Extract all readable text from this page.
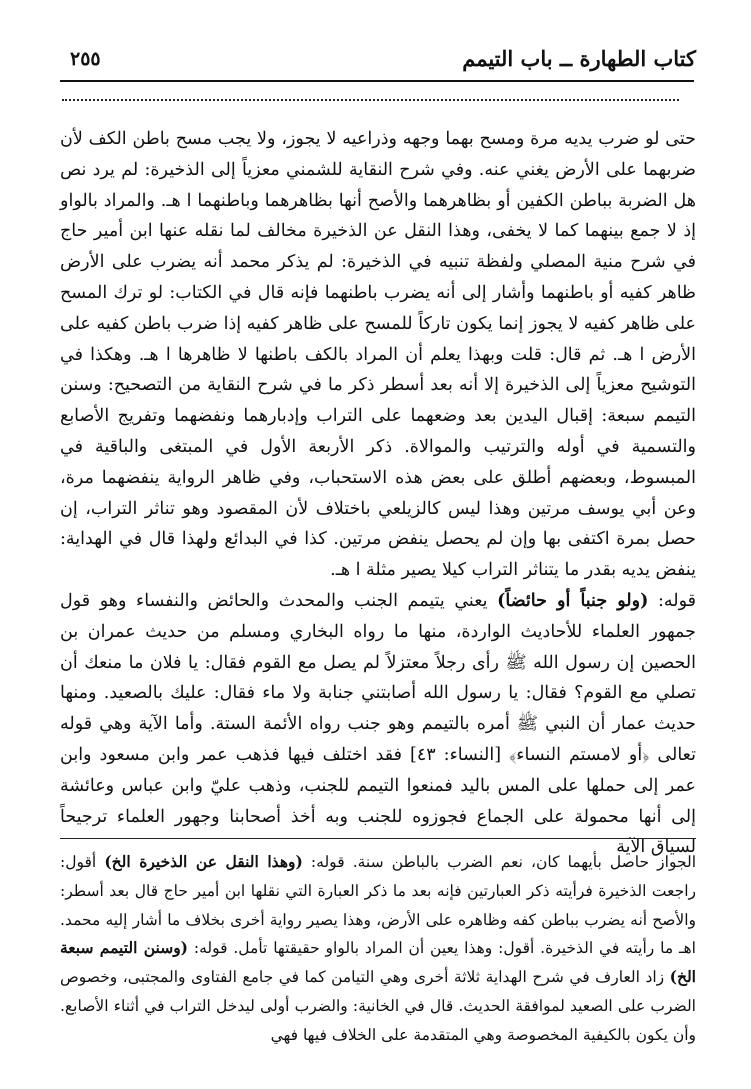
كتاب الطهارة ــ باب التيمم
٢٥٥

حتى لو ضرب يديه مرة ومسح بهما وجهه وذراعيه لا يجوز، ولا يجب مسح باطن الكف لأن ضربهما على الأرض يغني عنه. وفي شرح النقاية للشمني معزياً إلى الذخيرة: لم يرد نص هل الضربة بباطن الكفين أو بظاهرهما والأصح أنها بظاهرهما وباطنهما ا هـ. والمراد بالواو إذ لا جمع بينهما كما لا يخفى، وهذا النقل عن الذخيرة مخالف لما نقله عنها ابن أمير حاج في شرح منية المصلي ولفظة تنبيه في الذخيرة: لم يذكر محمد أنه يضرب على الأرض ظاهر كفيه أو باطنهما وأشار إلى أنه يضرب باطنهما فإنه قال في الكتاب: لو ترك المسح على ظاهر كفيه لا يجوز إنما يكون تاركاً للمسح على ظاهر كفيه إذا ضرب باطن كفيه على الأرض ا هـ. ثم قال: قلت وبهذا يعلم أن المراد بالكف باطنها لا ظاهرها ا هـ. وهكذا في التوشيح معزياً إلى الذخيرة إلا أنه بعد أسطر ذكر ما في شرح النقاية من التصحيح: وسنن التيمم سبعة: إقبال اليدين بعد وضعهما على التراب وإدبارهما ونفضهما وتفريج الأصابع والتسمية في أوله والترتيب والموالاة. ذكر الأربعة الأول في المبتغى والباقية في المبسوط، وبعضهم أطلق على بعض هذه الاستحباب، وفي ظاهر الرواية ينفضهما مرة، وعن أبي يوسف مرتين وهذا ليس كالزيلعي باختلاف لأن المقصود وهو تناثر التراب، إن حصل بمرة اكتفى بها وإن لم يحصل ينفض مرتين. كذا في البدائع ولهذا قال في الهداية: ينفض يديه بقدر ما يتناثر التراب كيلا يصير مثلة ا هـ.

قوله: (ولو جنباً أو حائضاً) يعني يتيمم الجنب والمحدث والحائض والنفساء وهو قول جمهور العلماء للأحاديث الواردة، منها ما رواه البخاري ومسلم من حديث عمران بن الحصين إن رسول الله ﷺ رأى رجلاً معتزلاً لم يصل مع القوم فقال: يا فلان ما منعك أن تصلي مع القوم؟ فقال: يا رسول الله أصابتني جنابة ولا ماء فقال: عليك بالصعيد. ومنها حديث عمار أن النبي ﷺ أمره بالتيمم وهو جنب رواه الأئمة الستة. وأما الآية وهي قوله تعالى ﴿أو لامستم النساء﴾ [النساء: ٤٣] فقد اختلف فيها فذهب عمر وابن مسعود وابن عمر إلى حملها على المس باليد فمنعوا التيمم للجنب، وذهب عليّ وابن عباس وعائشة إلى أنها محمولة على الجماع فجوزوه للجنب وبه أخذ أصحابنا وجهور العلماء ترجيحاً لسياق الآية

الجواز حاصل بأيهما كان، نعم الضرب بالباطن سنة. قوله: (وهذا النقل عن الذخيرة الخ) أقول: راجعت الذخيرة فرأيته ذكر العبارتين فإنه بعد ما ذكر العبارة التي نقلها ابن أمير حاج قال بعد أسطر: والأصح أنه يضرب بباطن كفه وظاهره على الأرض، وهذا يصير رواية أخرى بخلاف ما أشار إليه محمد. اهـ ما رأيته في الذخيرة. أقول: وهذا يعين أن المراد بالواو حقيقتها تأمل. قوله: (وسنن التيمم سبعة الخ) زاد العارف في شرح الهداية ثلاثة أخرى وهي التيامن كما في جامع الفتاوى والمجتبى، وخصوص الضرب على الصعيد لموافقة الحديث. قال في الخانية: والضرب أولى ليدخل التراب في أثناء الأصابع. وأن يكون بالكيفية المخصوصة وهي المتقدمة على الخلاف فيها فهي
